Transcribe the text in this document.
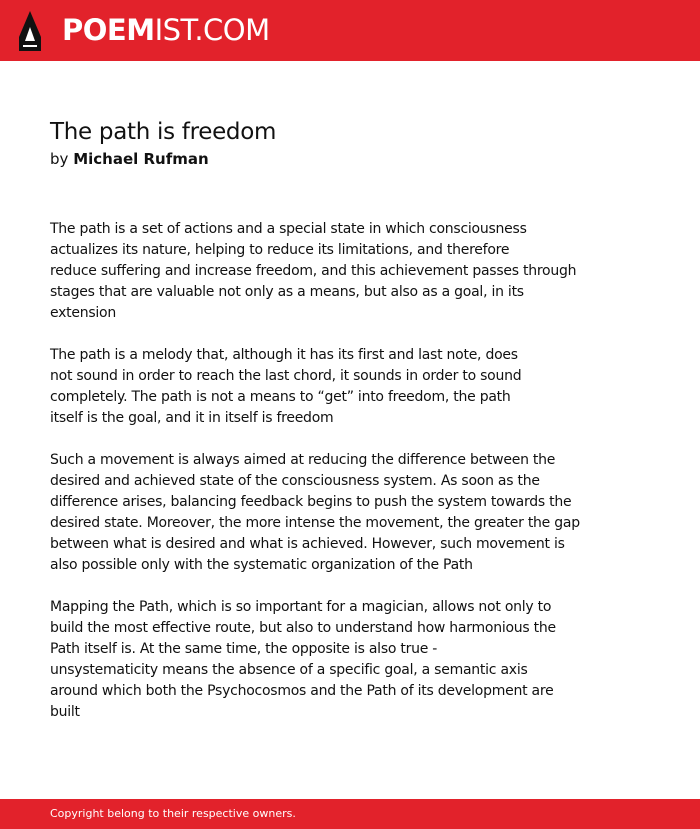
POEMIST.COM
The path is freedom
by Michael Rufman

The path is a set of actions and a special state in which consciousness
actualizes its nature, helping to reduce its limitations, and therefore
reduce suffering and increase freedom, and this achievement passes through
stages that are valuable not only as a means, but also as a goal, in its
extension

The path is a melody that, although it has its first and last note, does
not sound in order to reach the last chord, it sounds in order to sound
completely. The path is not a means to “get” into freedom, the path
itself is the goal, and it in itself is freedom

Such a movement is always aimed at reducing the difference between the
desired and achieved state of the consciousness system. As soon as the
difference arises, balancing feedback begins to push the system towards the
desired state. Moreover, the more intense the movement, the greater the gap
between what is desired and what is achieved. However, such movement is
also possible only with the systematic organization of the Path

Mapping the Path, which is so important for a magician, allows not only to
build the most effective route, but also to understand how harmonious the
Path itself is. At the same time, the opposite is also true -
unsystematicity means the absence of a specific goal, a semantic axis
around which both the Psychocosmos and the Path of its development are
built

Copyright belong to their respective owners.
